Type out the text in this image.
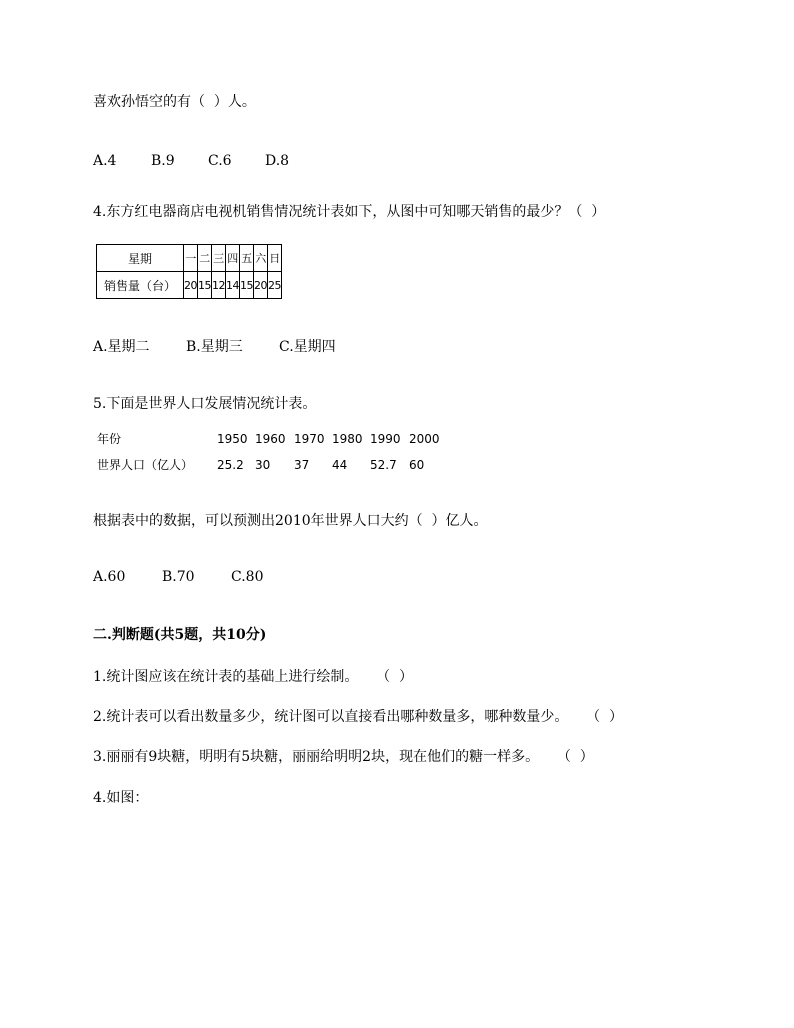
喜欢孙悟空的有（  ）人。
A.4	B.9	C.6	D.8
4.东方红电器商店电视机销售情况统计表如下，从图中可知哪天销售的最少？（  ）
星期	一	二	三	四	五	六	日
销售量（台）	20	15	12	14	15	20	25
A.星期二	B.星期三	C.星期四
5.下面是世界人口发展情况统计表。
年份	1950 1960 1970 1980 1990 2000
世界人口（亿人） 25.2 30 37 44 52.7 60
根据表中的数据，可以预测出2010年世界人口大约（  ）亿人。
A.60	B.70	C.80
二.判断题(共5题，共10分)
1.统计图应该在统计表的基础上进行绘制。    （  ）
2.统计表可以看出数量多少，统计图可以直接看出哪种数量多，哪种数量少。    （  ）
3.丽丽有9块糖，明明有5块糖，丽丽给明明2块，现在他们的糖一样多。    （  ）
4.如图：
